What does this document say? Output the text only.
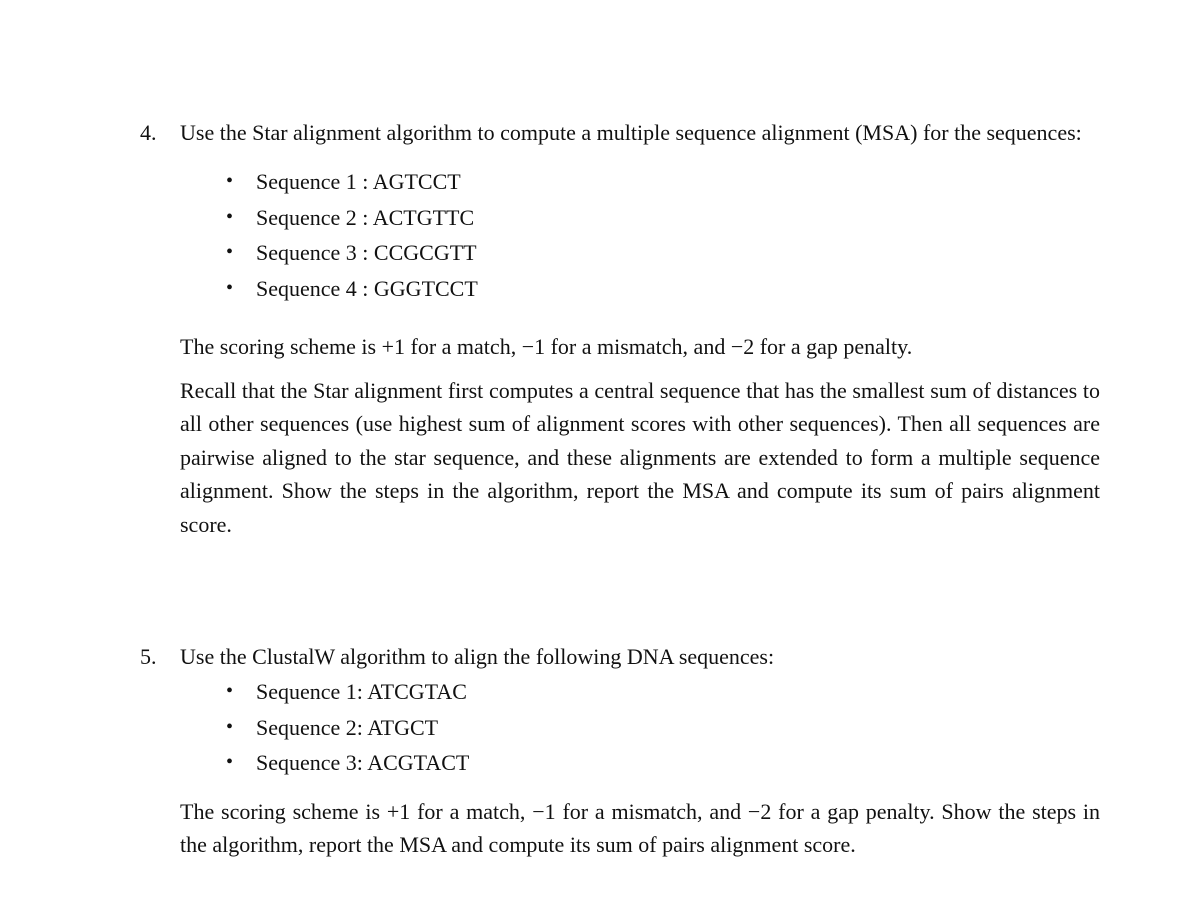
4.	Use the Star alignment algorithm to compute a multiple sequence alignment (MSA) for the sequences:
• Sequence 1 : AGTCCT
• Sequence 2 : ACTGTTC
• Sequence 3 : CCGCGTT
• Sequence 4 : GGGTCCT

The scoring scheme is +1 for a match, −1 for a mismatch, and −2 for a gap penalty.

Recall that the Star alignment first computes a central sequence that has the smallest sum of distances to all other sequences (use highest sum of alignment scores with other sequences). Then all sequences are pairwise aligned to the star sequence, and these alignments are extended to form a multiple sequence alignment. Show the steps in the algorithm, report the MSA and compute its sum of pairs alignment score.

5.	Use the ClustalW algorithm to align the following DNA sequences:
• Sequence 1: ATCGTAC
• Sequence 2: ATGCT
• Sequence 3: ACGTACT

The scoring scheme is +1 for a match, −1 for a mismatch, and −2 for a gap penalty. Show the steps in the algorithm, report the MSA and compute its sum of pairs alignment score.
